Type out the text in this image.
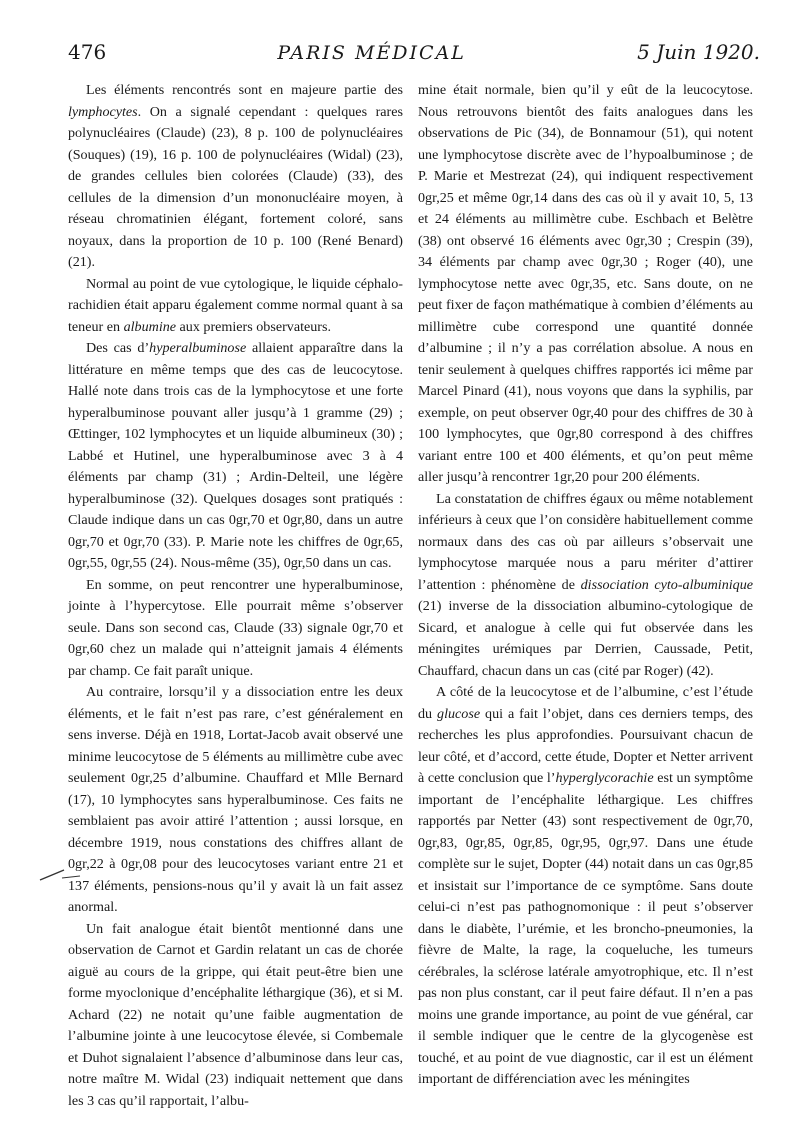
476	PARIS MÉDICAL	5 Juin 1920.

Les éléments rencontrés sont en majeure partie des lymphocytes. On a signalé cependant : quelques rares polynucléaires (Claude) (23), 8 p. 100 de polynucléaires (Souques) (19), 16 p. 100 de polynucléaires (Widal) (23), de grandes cellules bien colorées (Claude) (33), des cellules de la dimension d’un mononucléaire moyen, à réseau chromatinien élégant, fortement coloré, sans noyaux, dans la proportion de 10 p. 100 (René Benard) (21).

Normal au point de vue cytologique, le liquide céphalo-rachidien était apparu également comme normal quant à sa teneur en albumine aux premiers observateurs.

Des cas d’hyperalbuminose allaient apparaître dans la littérature en même temps que des cas de leucocytose. Hallé note dans trois cas de la lymphocytose et une forte hyperalbuminose pouvant aller jusqu’à 1 gramme (29) ; Œttinger, 102 lymphocytes et un liquide albumineux (30) ; Labbé et Hutinel, une hyperalbuminose avec 3 à 4 éléments par champ (31) ; Ardin-Delteil, une légère hyperalbuminose (32). Quelques dosages sont pratiqués : Claude indique dans un cas 0gr,70 et 0gr,80, dans un autre 0gr,70 et 0gr,70 (33). P. Marie note les chiffres de 0gr,65, 0gr,55, 0gr,55 (24). Nous-même (35), 0gr,50 dans un cas.

En somme, on peut rencontrer une hyperalbuminose, jointe à l’hypercytose. Elle pourrait même s’observer seule. Dans son second cas, Claude (33) signale 0gr,70 et 0gr,60 chez un malade qui n’atteignit jamais 4 éléments par champ. Ce fait paraît unique.

Au contraire, lorsqu’il y a dissociation entre les deux éléments, et le fait n’est pas rare, c’est généralement en sens inverse. Déjà en 1918, Lortat-Jacob avait observé une minime leucocytose de 5 éléments au millimètre cube avec seulement 0gr,25 d’albumine. Chauffard et Mlle Bernard (17), 10 lymphocytes sans hyperalbuminose. Ces faits ne semblaient pas avoir attiré l’attention ; aussi lorsque, en décembre 1919, nous constations des chiffres allant de 0gr,22 à 0gr,08 pour des leucocytoses variant entre 21 et 137 éléments, pensions-nous qu’il y avait là un fait assez anormal.

Un fait analogue était bientôt mentionné dans une observation de Carnot et Gardin relatant un cas de chorée aiguë au cours de la grippe, qui était peut-être bien une forme myoclonique d’encéphalite léthargique (36), et si M. Achard (22) ne notait qu’une faible augmentation de l’albumine jointe à une leucocytose élevée, si Combemale et Duhot signalaient l’absence d’albuminose dans leur cas, notre maître M. Widal (23) indiquait nettement que dans les 3 cas qu’il rapportait, l’albu-

mine était normale, bien qu’il y eût de la leucocytose. Nous retrouvons bientôt des faits analogues dans les observations de Pic (34), de Bonnamour (51), qui notent une lymphocytose discrète avec de l’hypoalbuminose ; de P. Marie et Mestrezat (24), qui indiquent respectivement 0gr,25 et même 0gr,14 dans des cas où il y avait 10, 5, 13 et 24 éléments au millimètre cube. Eschbach et Belètre (38) ont observé 16 éléments avec 0gr,30 ; Crespin (39), 34 éléments par champ avec 0gr,30 ; Roger (40), une lymphocytose nette avec 0gr,35, etc. Sans doute, on ne peut fixer de façon mathématique à combien d’éléments au millimètre cube correspond une quantité donnée d’albumine ; il n’y a pas corrélation absolue. A nous en tenir seulement à quelques chiffres rapportés ici même par Marcel Pinard (41), nous voyons que dans la syphilis, par exemple, on peut observer 0gr,40 pour des chiffres de 30 à 100 lymphocytes, que 0gr,80 correspond à des chiffres variant entre 100 et 400 éléments, et qu’on peut même aller jusqu’à rencontrer 1gr,20 pour 200 éléments.

La constatation de chiffres égaux ou même notablement inférieurs à ceux que l’on considère habituellement comme normaux dans des cas où par ailleurs s’observait une lymphocytose marquée nous a paru mériter d’attirer l’attention : phénomène de dissociation cyto-albuminique (21) inverse de la dissociation albumino-cytologique de Sicard, et analogue à celle qui fut observée dans les méningites urémiques par Derrien, Caussade, Petit, Chauffard, chacun dans un cas (cité par Roger) (42).

A côté de la leucocytose et de l’albumine, c’est l’étude du glucose qui a fait l’objet, dans ces derniers temps, des recherches les plus approfondies. Poursuivant chacun de leur côté, et d’accord, cette étude, Dopter et Netter arrivent à cette conclusion que l’hyperglycorachie est un symptôme important de l’encéphalite léthargique. Les chiffres rapportés par Netter (43) sont respectivement de 0gr,70, 0gr,83, 0gr,85, 0gr,85, 0gr,95, 0gr,97. Dans une étude complète sur le sujet, Dopter (44) notait dans un cas 0gr,85 et insistait sur l’importance de ce symptôme. Sans doute celui-ci n’est pas pathognomonique : il peut s’observer dans le diabète, l’urémie, et les broncho-pneumonies, la fièvre de Malte, la rage, la coqueluche, les tumeurs cérébrales, la sclérose latérale amyotrophique, etc. Il n’est pas non plus constant, car il peut faire défaut. Il n’en a pas moins une grande importance, au point de vue général, car il semble indiquer que le centre de la glycogenèse est touché, et au point de vue diagnostic, car il est un élément important de différenciation avec les méningites
